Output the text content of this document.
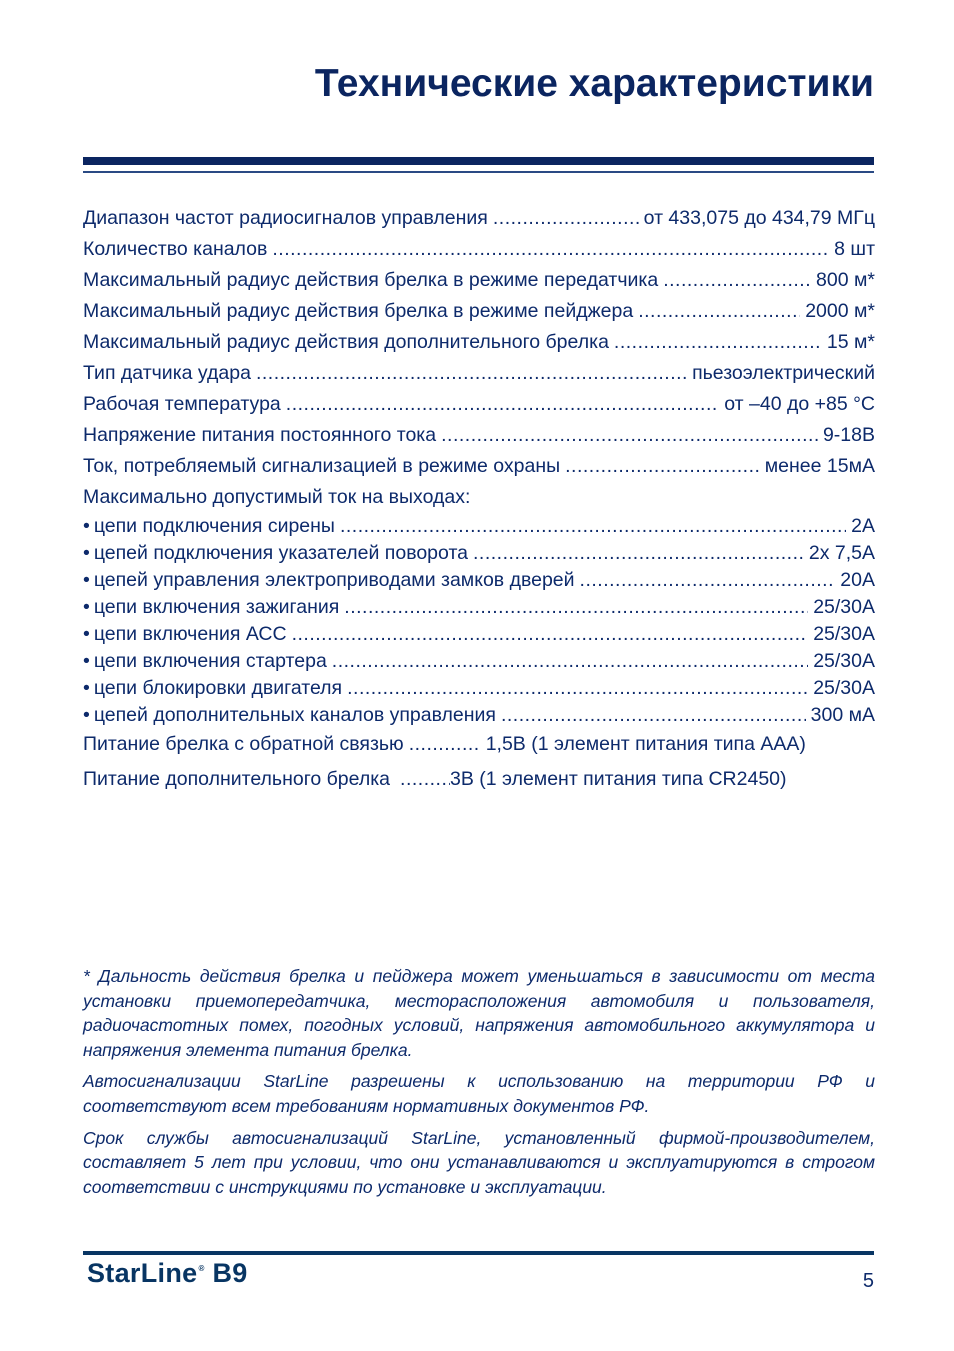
Технические характеристики
Диапазон частот радиосигналов управления .....	от 433,075 до 434,79 МГц
Количество каналов .....	8 шт
Максимальный радиус действия брелка в режиме передатчика .....	800 м*
Максимальный радиус действия брелка в режиме пейджера .....	2000 м*
Максимальный радиус действия дополнительного брелка .....	15 м*
Тип датчика удара .....	пьезоэлектрический
Рабочая температура .....	от –40 до +85 °С
Напряжение питания постоянного тока .....	9-18В
Ток, потребляемый сигнализацией в режиме охраны .....	менее 15мА
Максимально допустимый ток на выходах:
• цепи подключения сирены .....	2А
• цепей подключения указателей поворота .....	2х 7,5А
• цепей управления электроприводами замков дверей .....	20А
• цепи включения зажигания .....	25/30А
• цепи включения АСС .....	25/30А
• цепи включения стартера .....	25/30А
• цепи блокировки двигателя .....	25/30А
• цепей дополнительных каналов управления .....	300 мА
Питание брелка с обратной связью .....	1,5В (1 элемент питания типа ААА)
Питание дополнительного брелка .....	3В (1 элемент питания типа CR2450)

* Дальность действия брелка и пейджера может уменьшаться в зависимости от места установки приемопередатчика, месторасположения автомобиля и пользователя, радиочастотных помех, погодных условий, напряжения автомобильного аккумулятора и напряжения элемента питания брелка.

Автосигнализации StarLine разрешены к использованию на территории РФ и соответствуют всем требованиям нормативных документов РФ.

Срок службы автосигнализаций StarLine, установленный фирмой-производителем, составляет 5 лет при условии, что они устанавливаются и эксплуатируются в строгом соответствии с инструкциями по установке и эксплуатации.

StarLine® B9	5
